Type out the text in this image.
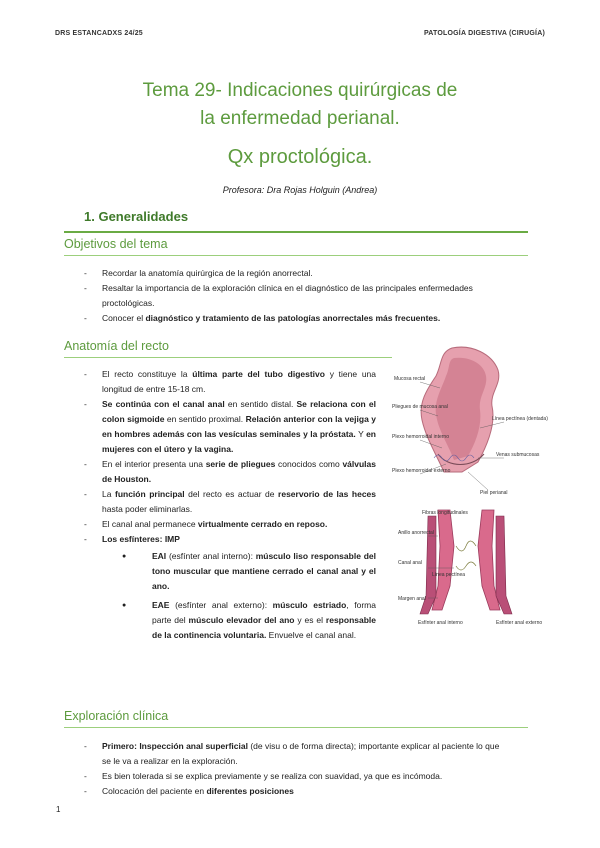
DRS ESTANCADXS 24/25	PATOLOGÍA DIGESTIVA (CIRUGÍA)
Tema 29- Indicaciones quirúrgicas de
la enfermedad perianal.
Qx proctológica.
Profesora: Dra Rojas Holguin (Andrea)
1. Generalidades
Objetivos del tema
- Recordar la anatomía quirúrgica de la región anorrectal.
- Resaltar la importancia de la exploración clínica en el diagnóstico de las principales enfermedades proctológicas.
- Conocer el diagnóstico y tratamiento de las patologías anorrectales más frecuentes.
Anatomía del recto
- El recto constituye la última parte del tubo digestivo y tiene una longitud de entre 15-18 cm.
- Se continúa con el canal anal en sentido distal. Se relaciona con el colon sigmoide en sentido proximal. Relación anterior con la vejiga y en hombres además con las vesículas seminales y la próstata. Y en mujeres con el útero y la vagina.
- En el interior presenta una serie de pliegues conocidos como válvulas de Houston.
- La función principal del recto es actuar de reservorio de las heces hasta poder eliminarlas.
- El canal anal permanece virtualmente cerrado en reposo.
- Los esfínteres: IMP
● EAI (esfínter anal interno): músculo liso responsable del tono muscular que mantiene cerrado el canal anal y el ano.
● EAE (esfínter anal externo): músculo estriado, forma parte del músculo elevador del ano y es el responsable de la continencia voluntaria. Envuelve el canal anal.
Mucosa rectal
Pliegues de mucosa anal
Plexo hemorroidal interno
Plexo hemorroidal externo
Línea pectínea (dentada)
Venas submucosas
Piel perianal
Fibras longitudinales
Anillo anorrectal
Canal anal
Línea pectínea
Margen anal
Esfínter anal interno	Esfínter anal externo
Exploración clínica
- Primero: Inspección anal superficial (de visu o de forma directa); importante explicar al paciente lo que se le va a realizar en la exploración.
- Es bien tolerada si se explica previamente y se realiza con suavidad, ya que es incómoda.
- Colocación del paciente en diferentes posiciones
1
